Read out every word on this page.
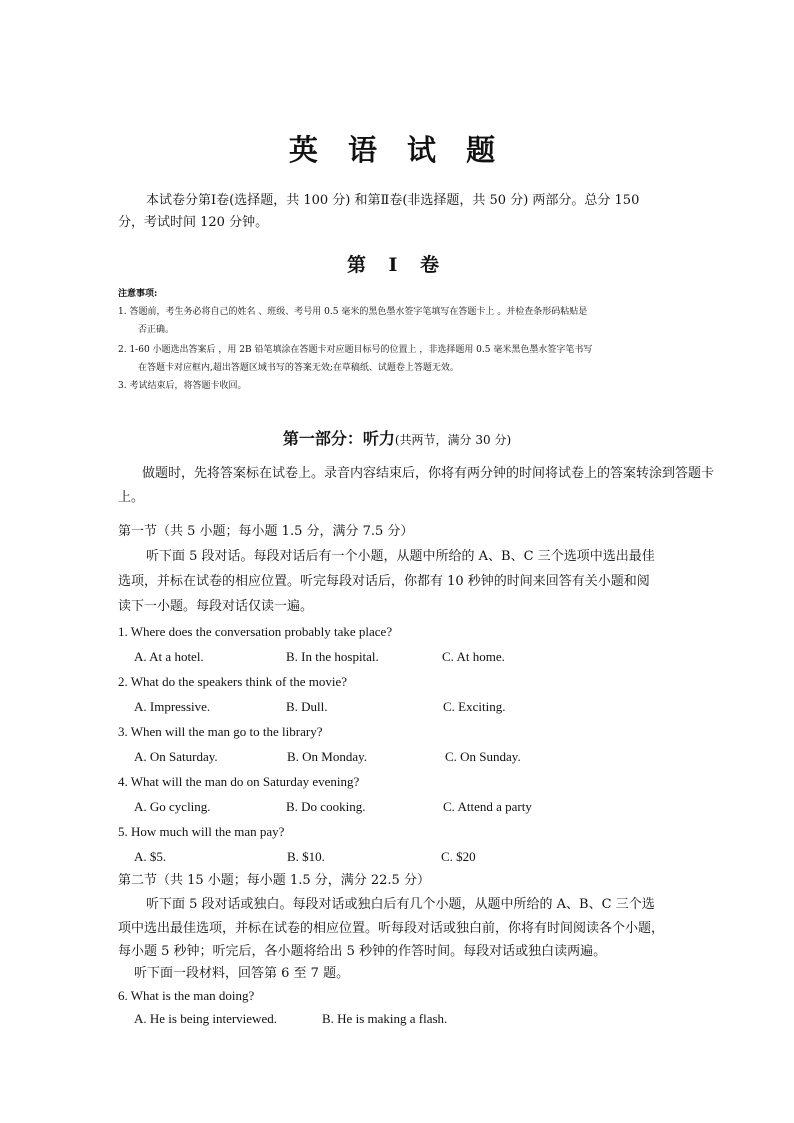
英 语 试 题
本试卷分第Ⅰ卷(选择题，共 100 分) 和第Ⅱ卷(非选择题，共 50 分) 两部分。总分 150
分，考试时间 120 分钟。
第 Ⅰ 卷
注意事项:
1. 答题前，考生务必将自己的姓名 、班级、考号用 0.5 毫米的黑色墨水签字笔填写在答题卡上 。并检查条形码粘贴是
否正确。
2. 1-60 小题选出答案后 ，用 2B 铅笔填涂在答题卡对应题目标号的位置上 ，非选择题用 0.5 毫米黑色墨水签字笔书写
在答题卡对应框内,超出答题区域书写的答案无效;在草稿纸、试题卷上答题无效。
3. 考试结束后，将答题卡收回。
第一部分：听力(共两节，满分 30 分)
做题时，先将答案标在试卷上。录音内容结束后，你将有两分钟的时间将试卷上的答案转涂到答题卡
上。
第一节（共 5 小题；每小题 1.5 分，满分 7.5 分）
听下面 5 段对话。每段对话后有一个小题，从题中所给的 A、B、C 三个选项中选出最佳
选项，并标在试卷的相应位置。听完每段对话后，你都有 10 秒钟的时间来回答有关小题和阅
读下一小题。每段对话仅读一遍。
1. Where does the conversation probably take place?
A. At a hotel.	B. In the hospital.	C. At home.
2. What do the speakers think of the movie?
A. Impressive.	B. Dull.	C. Exciting.
3. When will the man go to the library?
A. On Saturday.	B. On Monday.	C. On Sunday.
4. What will the man do on Saturday evening?
A. Go cycling.	B. Do cooking.	C. Attend a party
5. How much will the man pay?
A. $5.	B. $10.	C. $20
第二节（共 15 小题；每小题 1.5 分，满分 22.5 分）
听下面 5 段对话或独白。每段对话或独白后有几个小题，从题中所给的 A、B、C 三个选
项中选出最佳选项，并标在试卷的相应位置。听每段对话或独白前，你将有时间阅读各个小题，
每小题 5 秒钟；听完后，各小题将给出 5 秒钟的作答时间。每段对话或独白读两遍。
听下面一段材料，回答第 6 至 7 题。
6. What is the man doing?
A. He is being interviewed.	B. He is making a flash.
